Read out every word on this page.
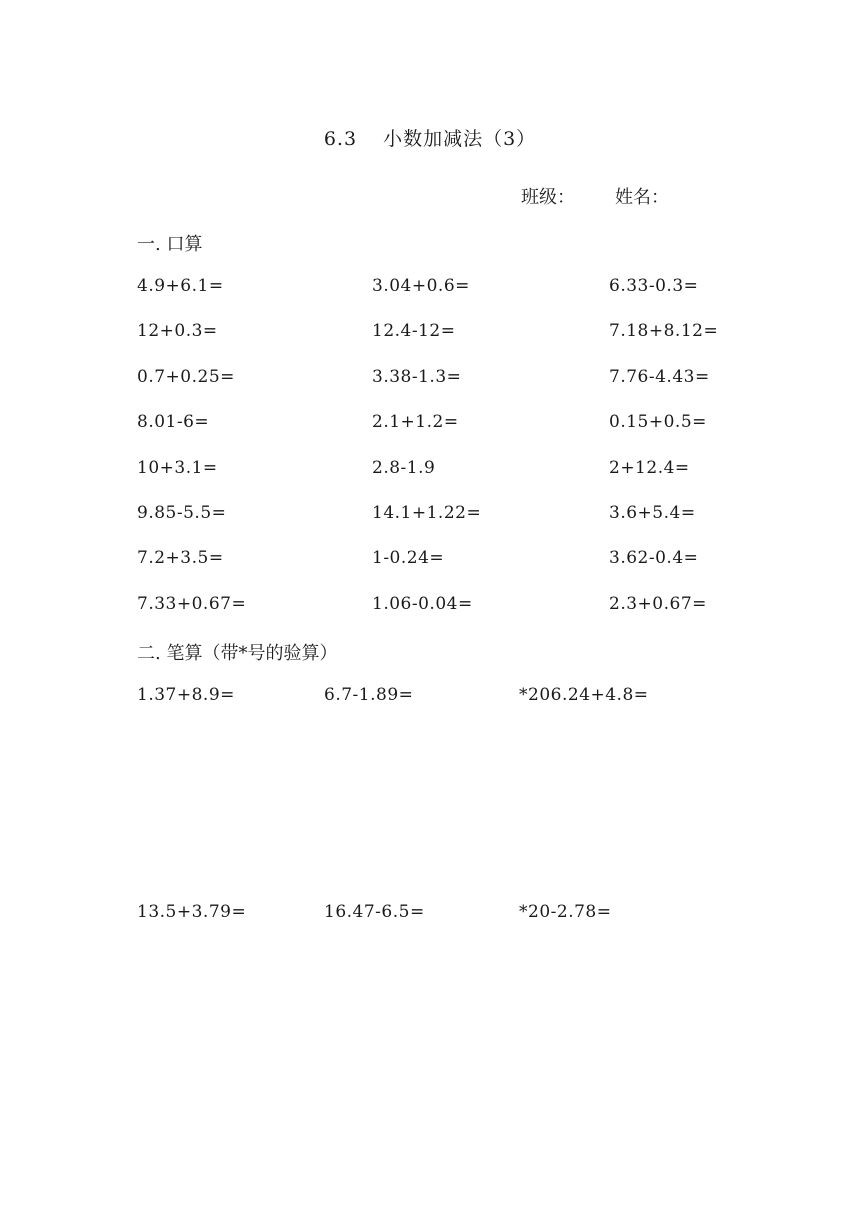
6.3 小数加减法（3）
班级： 姓名：
一. 口算
4.9+6.1=	3.04+0.6=	6.33-0.3=
12+0.3=	12.4-12=	7.18+8.12=
0.7+0.25=	3.38-1.3=	7.76-4.43=
8.01-6=	2.1+1.2=	0.15+0.5=
10+3.1=	2.8-1.9	2+12.4=
9.85-5.5=	14.1+1.22=	3.6+5.4=
7.2+3.5=	1-0.24=	3.62-0.4=
7.33+0.67=	1.06-0.04=	2.3+0.67=
二. 笔算（带*号的验算）
1.37+8.9=	6.7-1.89=	*206.24+4.8=
13.5+3.79=	16.47-6.5=	*20-2.78=
